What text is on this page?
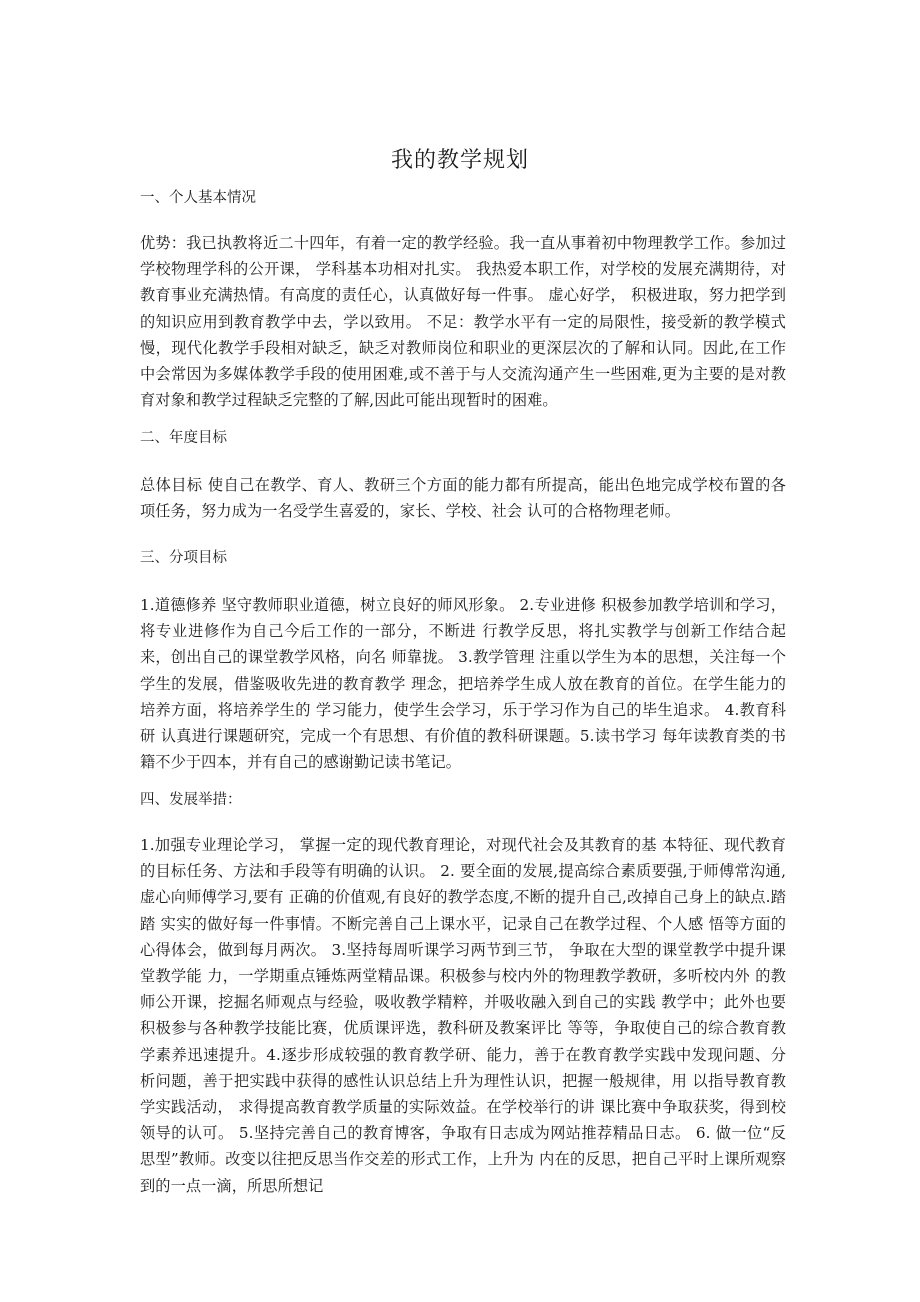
我的教学规划
一、个人基本情况
优势：我已执教将近二十四年，有着一定的教学经验。我一直从事着初中物理教学工作。参加过学校物理学科的公开课， 学科基本功相对扎实。 我热爱本职工作，对学校的发展充满期待，对教育事业充满热情。有高度的责任心，认真做好每一件事。 虚心好学， 积极进取，努力把学到的知识应用到教育教学中去，学以致用。 不足：教学水平有一定的局限性，接受新的教学模式慢，现代化教学手段相对缺乏，缺乏对教师岗位和职业的更深层次的了解和认同。因此,在工作中会常因为多媒体教学手段的使用困难,或不善于与人交流沟通产生一些困难,更为主要的是对教育对象和教学过程缺乏完整的了解,因此可能出现暂时的困难。
二、年度目标
总体目标 使自己在教学、育人、教研三个方面的能力都有所提高，能出色地完成学校布置的各项任务，努力成为一名受学生喜爱的，家长、学校、社会 认可的合格物理老师。
三、分项目标
1.道德修养 坚守教师职业道德，树立良好的师风形象。 2.专业进修 积极参加教学培训和学习， 将专业进修作为自己今后工作的一部分，不断进 行教学反思，将扎实教学与创新工作结合起来，创出自己的课堂教学风格，向名 师靠拢。 3.教学管理 注重以学生为本的思想，关注每一个学生的发展，借鉴吸收先进的教育教学 理念，把培养学生成人放在教育的首位。在学生能力的培养方面，将培养学生的 学习能力，使学生会学习，乐于学习作为自己的毕生追求。 4.教育科研 认真进行课题研究，完成一个有思想、有价值的教科研课题。5.读书学习 每年读教育类的书籍不少于四本，并有自己的感谢勤记读书笔记。
四、发展举措：
1.加强专业理论学习， 掌握一定的现代教育理论，对现代社会及其教育的基 本特征、现代教育的目标任务、方法和手段等有明确的认识。 2. 要全面的发展,提高综合素质要强,于师傅常沟通,虚心向师傅学习,要有 正确的价值观,有良好的教学态度,不断的提升自己,改掉自己身上的缺点.踏踏 实实的做好每一件事情。不断完善自己上课水平，记录自己在教学过程、个人感 悟等方面的心得体会，做到每月两次。 3.坚持每周听课学习两节到三节， 争取在大型的课堂教学中提升课堂教学能 力，一学期重点锤炼两堂精品课。积极参与校内外的物理教学教研，多听校内外 的教师公开课，挖掘名师观点与经验，吸收教学精粹，并吸收融入到自己的实践 教学中；此外也要积极参与各种教学技能比赛，优质课评选，教科研及教案评比 等等，争取使自己的综合教育教学素养迅速提升。4.逐步形成较强的教育教学研、能力，善于在教育教学实践中发现问题、分 析问题，善于把实践中获得的感性认识总结上升为理性认识，把握一般规律，用 以指导教育教学实践活动， 求得提高教育教学质量的实际效益。在学校举行的讲 课比赛中争取获奖，得到校领导的认可。 5.坚持完善自己的教育博客，争取有日志成为网站推荐精品日志。 6. 做一位“反思型”教师。改变以往把反思当作交差的形式工作，上升为 内在的反思，把自己平时上课所观察到的一点一滴，所思所想记
